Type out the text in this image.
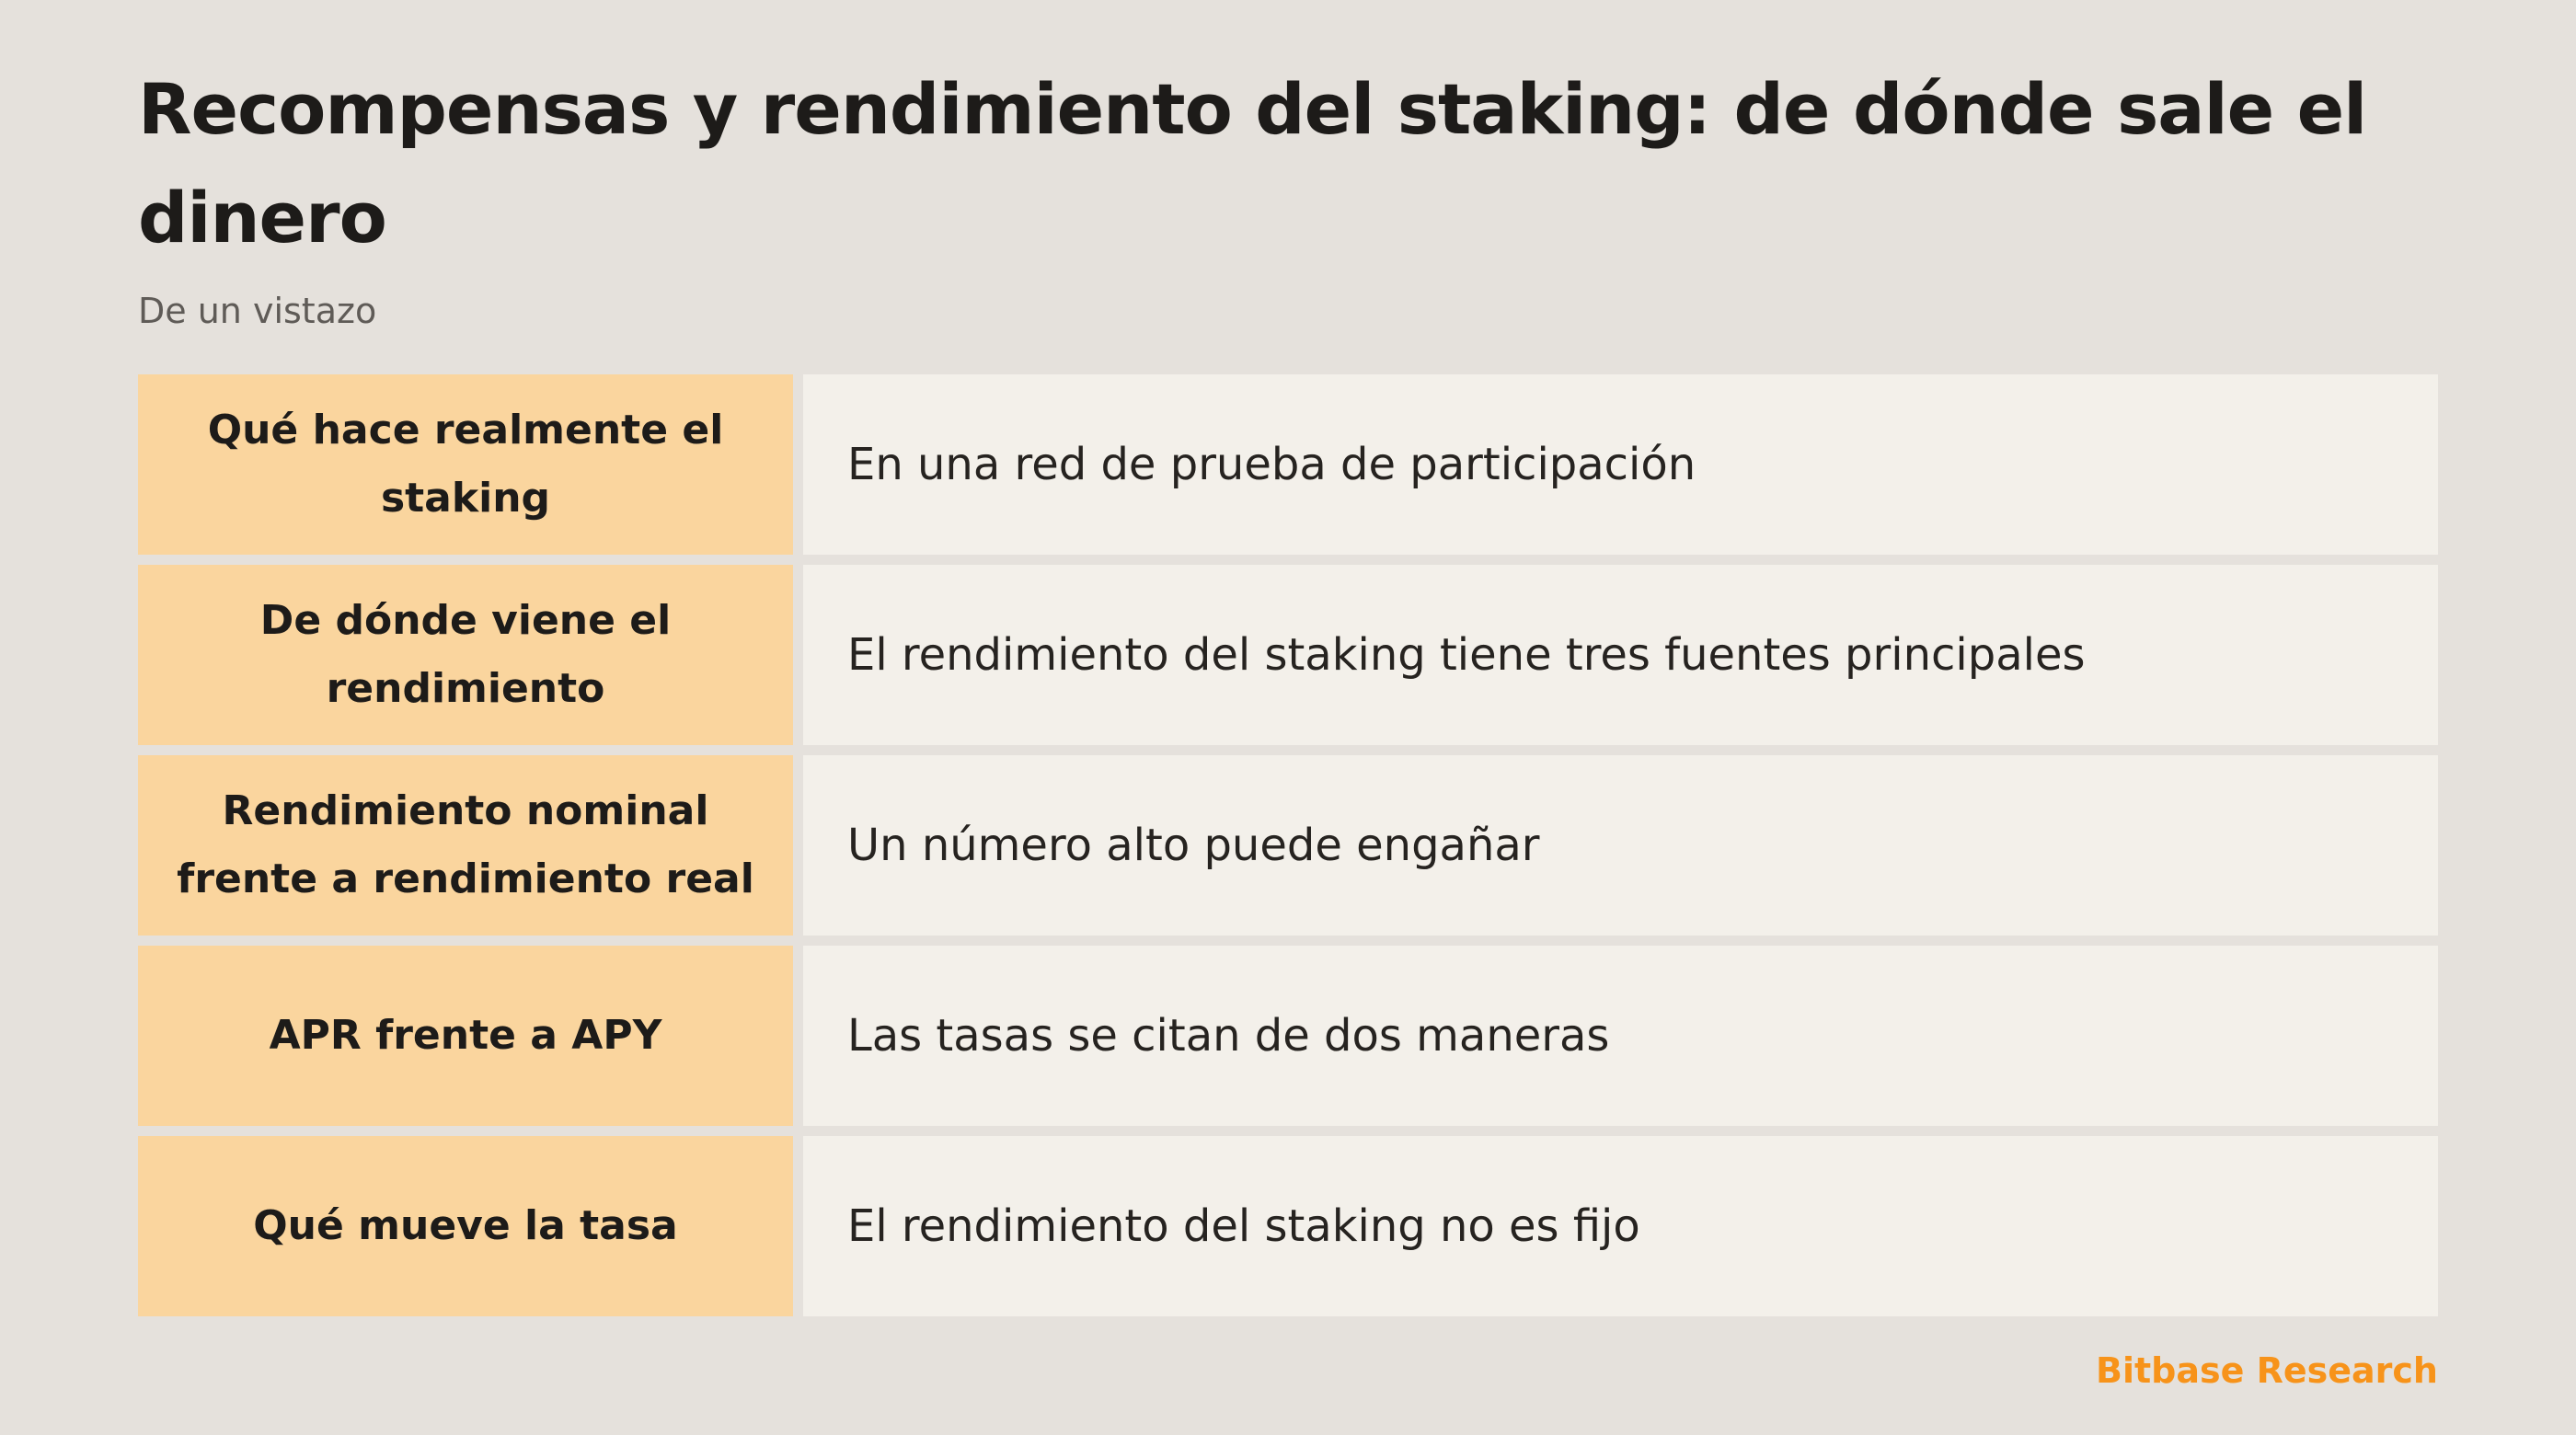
Recompensas y rendimiento del staking: de dónde sale el dinero
De un vistazo
Qué hace realmente el staking
En una red de prueba de participación
De dónde viene el rendimiento
El rendimiento del staking tiene tres fuentes principales
Rendimiento nominal frente a rendimiento real
Un número alto puede engañar
APR frente a APY	Las tasas se citan de dos maneras
Qué mueve la tasa	El rendimiento del staking no es fijo
Bitbase Research
